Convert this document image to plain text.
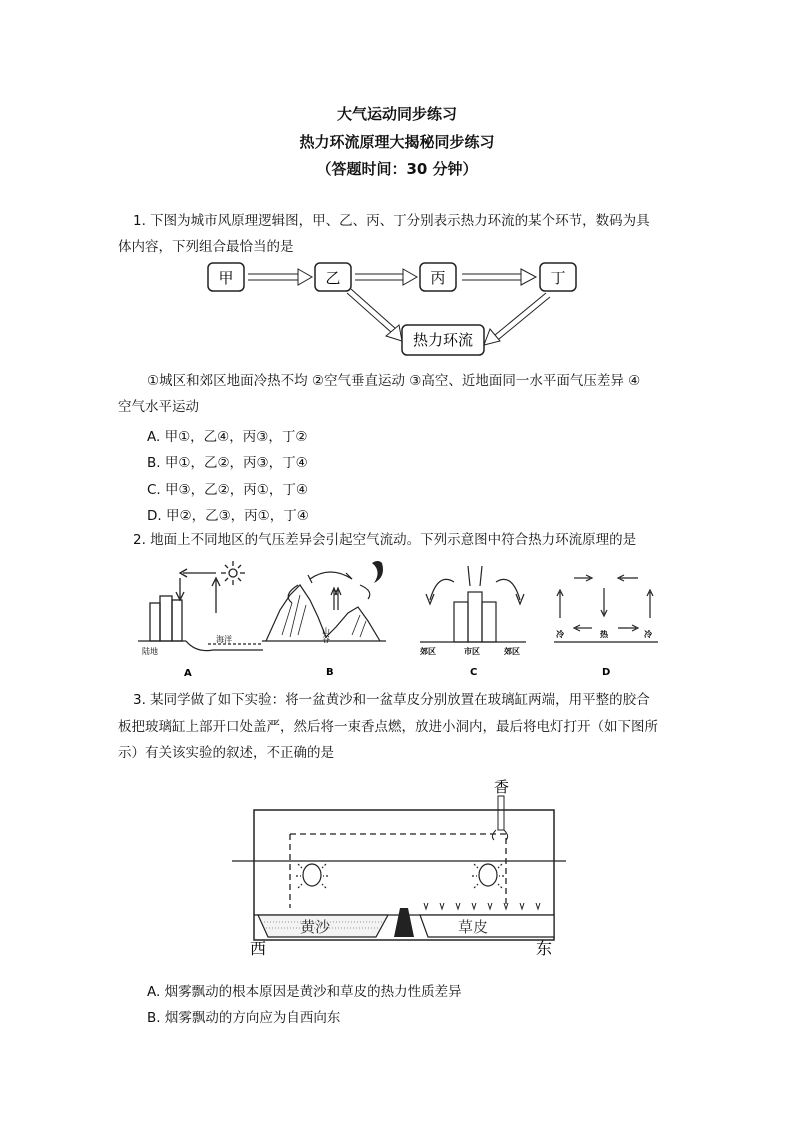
大气运动同步练习
热力环流原理大揭秘同步练习
（答题时间：30 分钟）
1. 下图为城市风原理逻辑图，甲、乙、丙、丁分别表示热力环流的某个环节，数码为具
体内容，下列组合最恰当的是
甲	乙	丙	丁
热力环流
①城区和郊区地面冷热不均 ②空气垂直运动 ③高空、近地面同一水平面气压差异 ④
空气水平运动
A. 甲①，乙④，丙③，丁②
B. 甲①，乙②，丙③，丁④
C. 甲③，乙②，丙①，丁④
D. 甲②，乙③，丙①，丁④
2. 地面上不同地区的气压差异会引起空气流动。下列示意图中符合热力环流原理的是
陆地
海洋
A
山谷
B
郊区	市区	郊区
C
冷	热	冷
D
3. 某同学做了如下实验：将一盆黄沙和一盆草皮分别放置在玻璃缸两端，用平整的胶合
板把玻璃缸上部开口处盖严，然后将一束香点燃，放进小洞内，最后将电灯打开（如下图所
示）有关该实验的叙述，不正确的是
香
黄沙	草皮
西	东
A. 烟雾飘动的根本原因是黄沙和草皮的热力性质差异
B. 烟雾飘动的方向应为自西向东
